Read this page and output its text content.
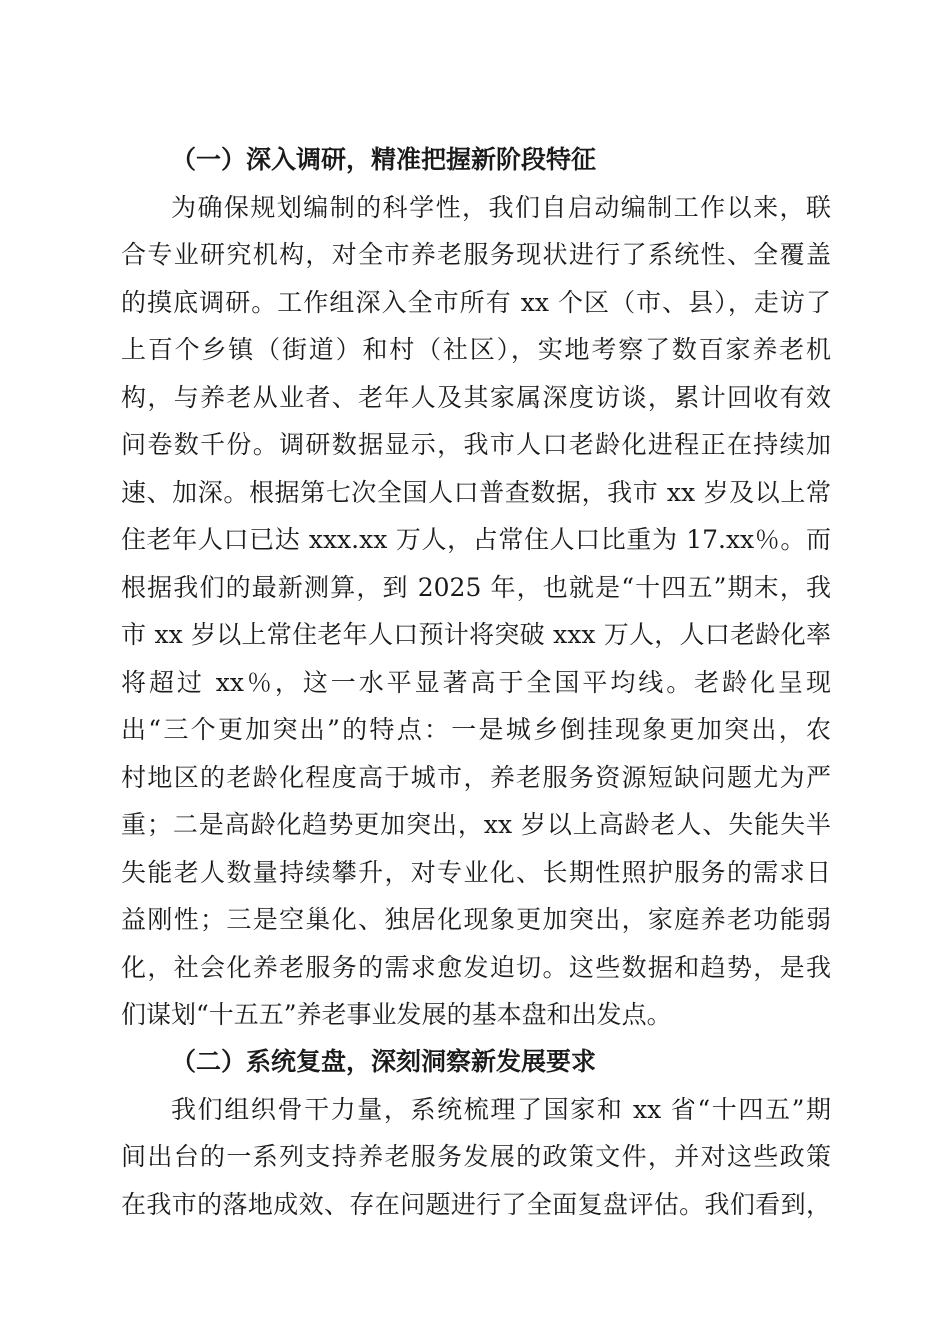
（一）深入调研，精准把握新阶段特征
为确保规划编制的科学性，我们自启动编制工作以来，联
合专业研究机构，对全市养老服务现状进行了系统性、全覆盖
的摸底调研。工作组深入全市所有 xx 个区（市、县），走访了
上百个乡镇（街道）和村（社区），实地考察了数百家养老机
构，与养老从业者、老年人及其家属深度访谈，累计回收有效
问卷数千份。调研数据显示，我市人口老龄化进程正在持续加
速、加深。根据第七次全国人口普查数据，我市 xx 岁及以上常
住老年人口已达 xxx.xx 万人，占常住人口比重为 17.xx％。而
根据我们的最新测算，到 2025 年，也就是“十四五”期末，我
市 xx 岁以上常住老年人口预计将突破 xxx 万人，人口老龄化率
将超过 xx％，这一水平显著高于全国平均线。老龄化呈现
出“三个更加突出”的特点：一是城乡倒挂现象更加突出，农
村地区的老龄化程度高于城市，养老服务资源短缺问题尤为严
重；二是高龄化趋势更加突出，xx 岁以上高龄老人、失能失半
失能老人数量持续攀升，对专业化、长期性照护服务的需求日
益刚性；三是空巢化、独居化现象更加突出，家庭养老功能弱
化，社会化养老服务的需求愈发迫切。这些数据和趋势，是我
们谋划“十五五”养老事业发展的基本盘和出发点。
（二）系统复盘，深刻洞察新发展要求
我们组织骨干力量，系统梳理了国家和 xx 省“十四五”期
间出台的一系列支持养老服务发展的政策文件，并对这些政策
在我市的落地成效、存在问题进行了全面复盘评估。我们看到，
